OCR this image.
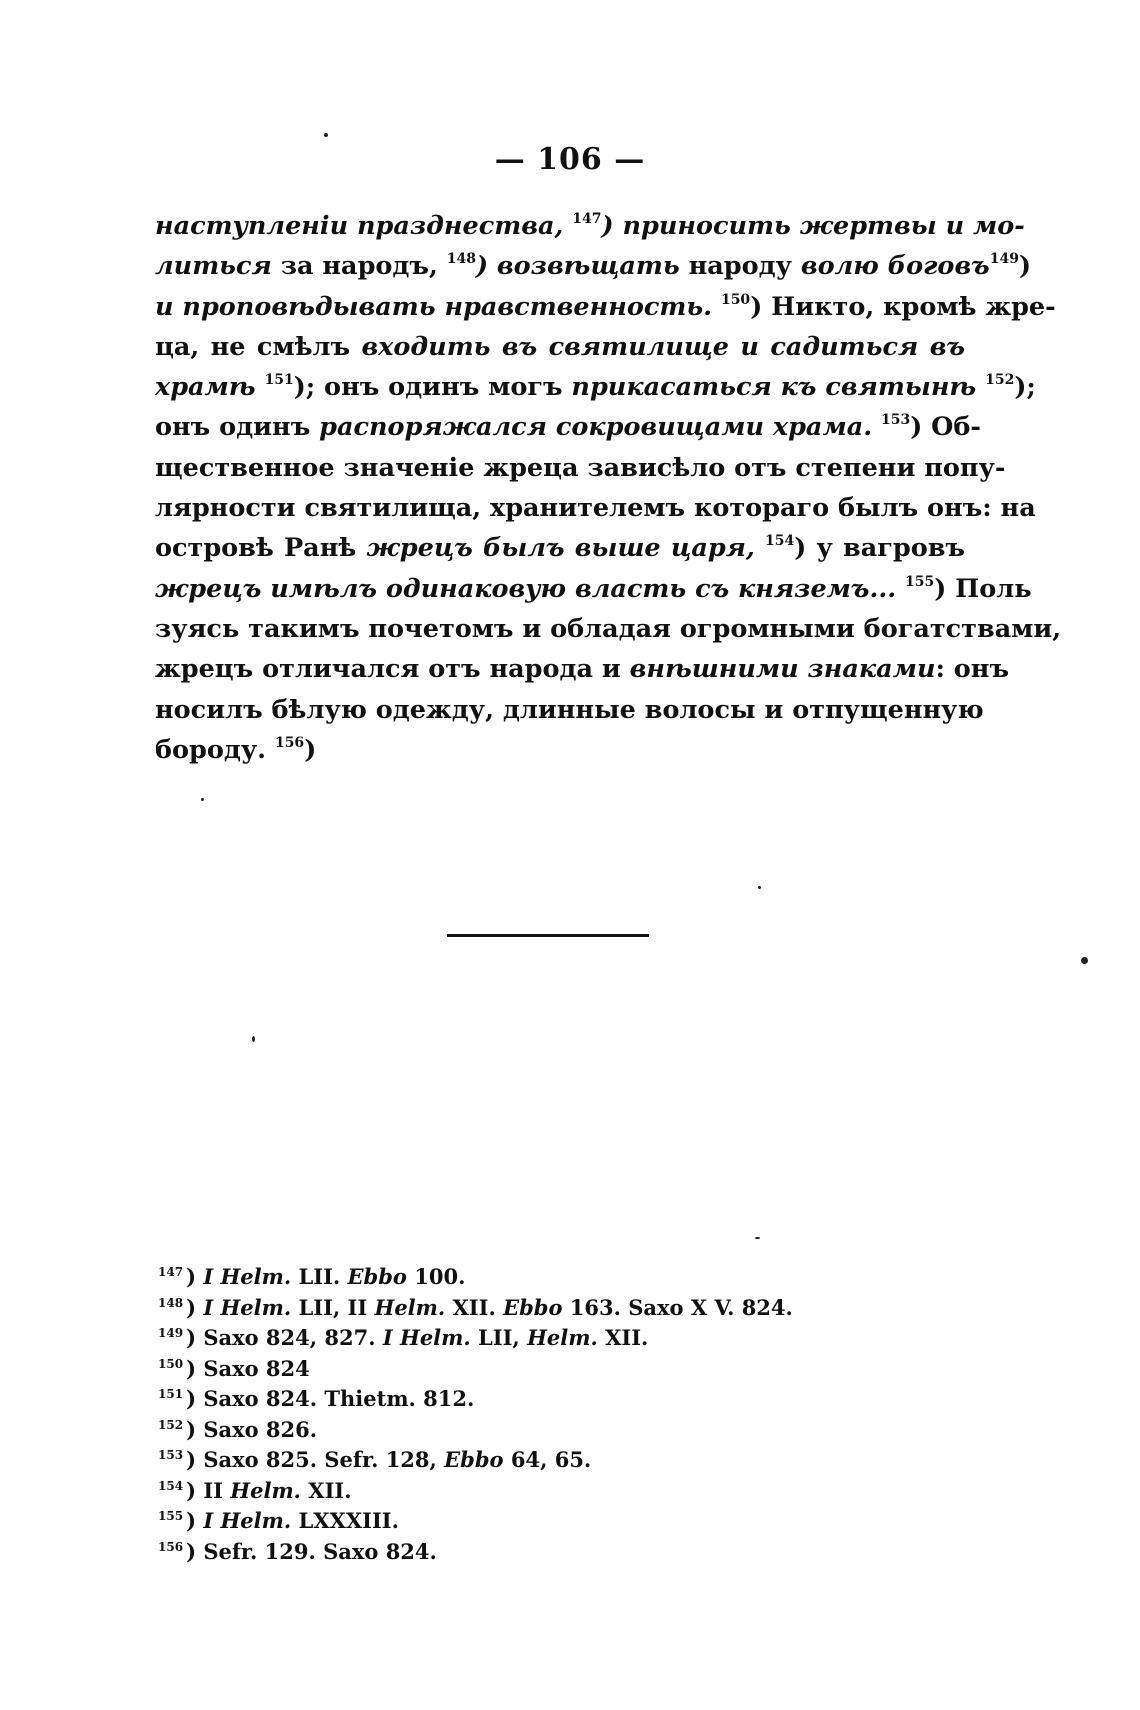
— 106 —
наступленіи празднества, $^{147}$) приносить жертвы и мо-
литься за народъ, $^{148}$) возвѣщать народу волю боговъ$^{149}$)
и проповѣдывать нравственность. $^{150}$) Никто, кромѣ жре-
ца, не смѣлъ входить въ святилище и садиться въ
храмѣ $^{151}$); онъ одинъ могъ прикасаться къ святынѣ $^{152}$);
онъ одинъ распоряжался сокровищами храма. $^{153}$) Об-
щественное значеніе жреца зависѣло отъ степени попу-
лярности святилища, хранителемъ котораго былъ онъ: на
островѣ Ранѣ жрецъ былъ выше царя, $^{154}$) у вагровъ
жрецъ имѣлъ одинаковую власть съ княземъ... $^{155}$) Поль
зуясь такимъ почетомъ и обладая огромными богатствами,
жрецъ отличался отъ народа и внѣшними знаками: онъ
носилъ бѣлую одежду, длинные волосы и отпущенную
бороду. $^{156}$)
$^{147}$ ) I Helm. LII. Ebbo 100.
$^{148}$ ) I Helm. LII, II Helm. XII. Ebbo 163. Saxo X V. 824.
$^{149}$ ) Saxo 824, 827. I Helm. LII, Helm. XII.
$^{150}$ ) Saxo 824
$^{151}$ ) Saxo 824. Thietm. 812.
$^{152}$ ) Saxo 826.
$^{153}$ ) Saxo 825. Sefr. 128, Ebbo 64, 65.
$^{154}$ ) II Helm. XII.
$^{155}$ ) I Helm. LXXXIII.
$^{156}$ ) Sefr. 129. Saxo 824.
